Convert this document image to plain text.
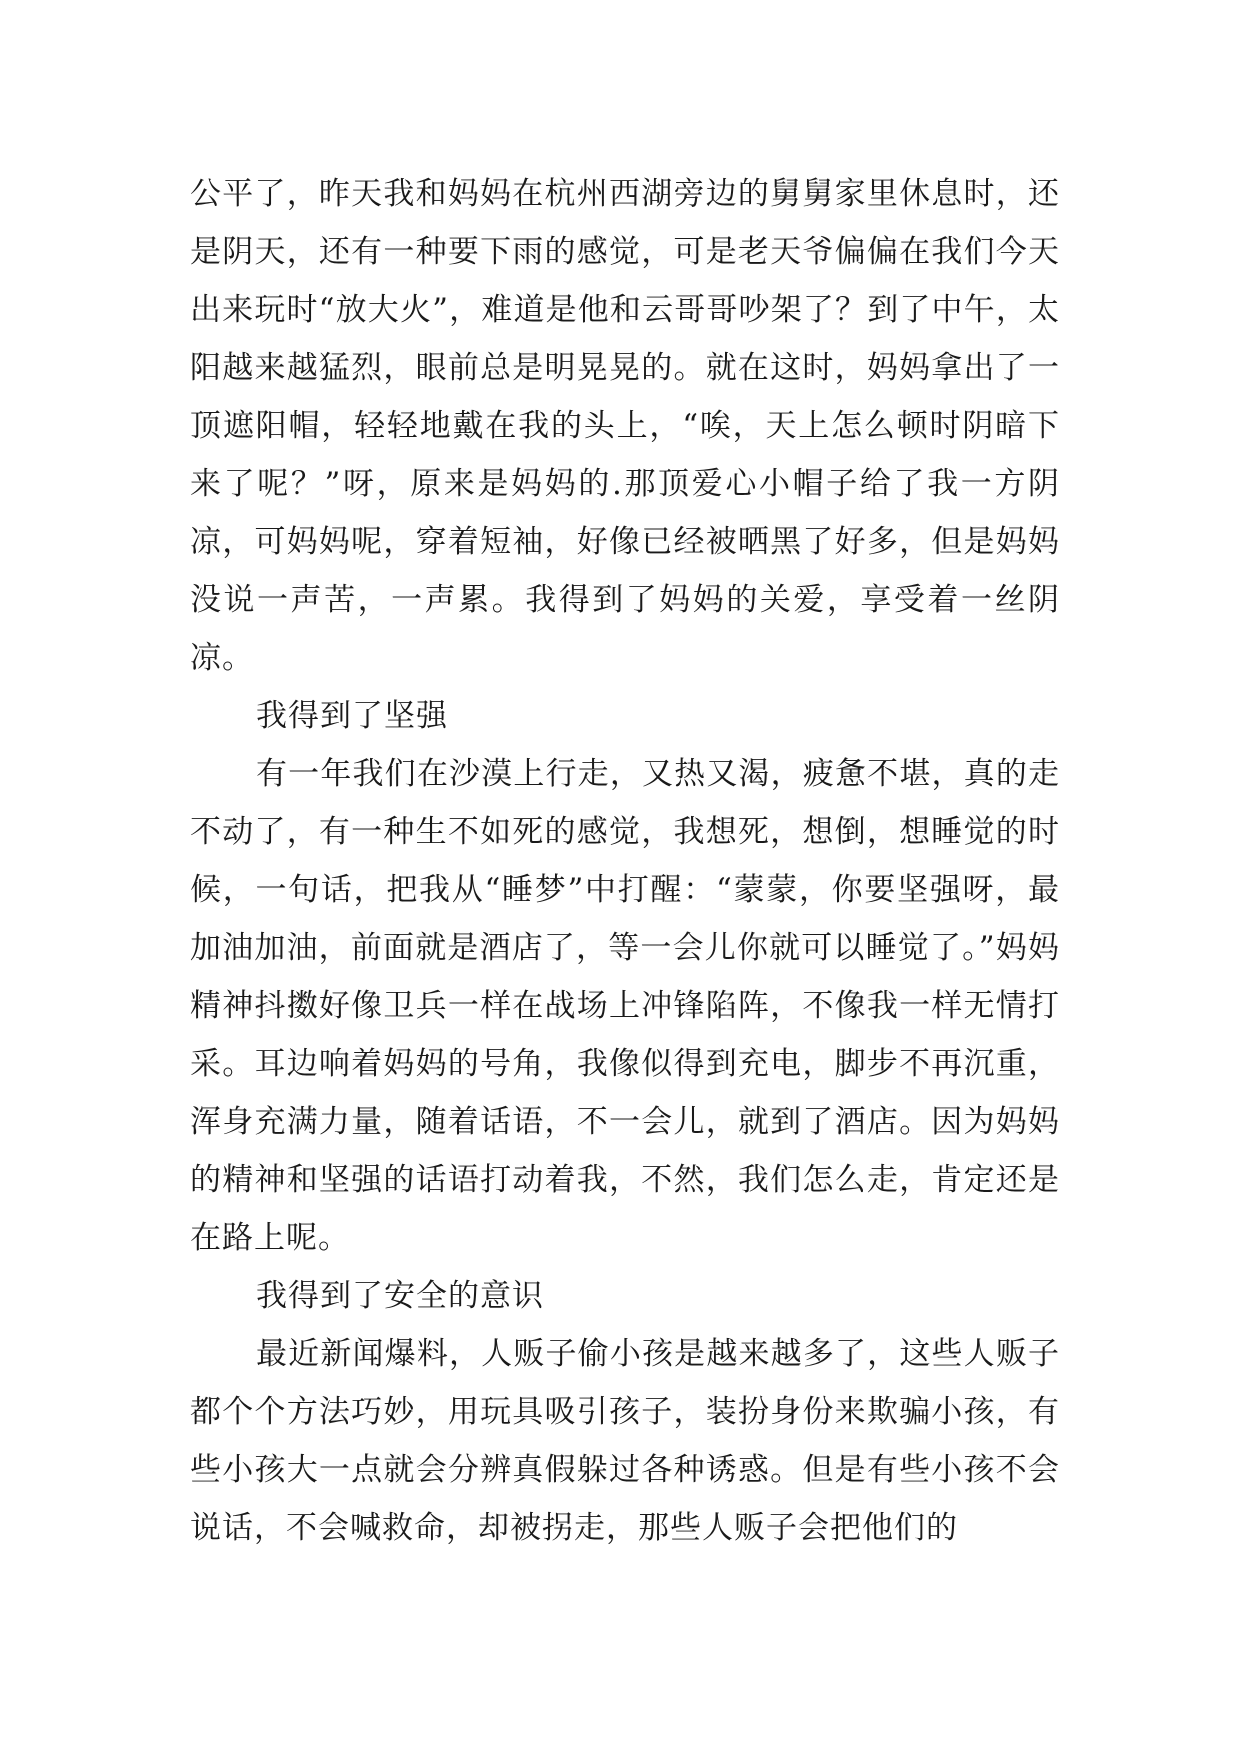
公平了，昨天我和妈妈在杭州西湖旁边的舅舅家里休息时，还是阴天，还有一种要下雨的感觉，可是老天爷偏偏在我们今天出来玩时“放大火”，难道是他和云哥哥吵架了？到了中午，太阳越来越猛烈，眼前总是明晃晃的。就在这时，妈妈拿出了一顶遮阳帽，轻轻地戴在我的头上，“唉，天上怎么顿时阴暗下来了呢？”呀，原来是妈妈的.那顶爱心小帽子给了我一方阴凉，可妈妈呢，穿着短袖，好像已经被晒黑了好多，但是妈妈没说一声苦，一声累。我得到了妈妈的关爱，享受着一丝阴凉。

我得到了坚强

有一年我们在沙漠上行走，又热又渴，疲惫不堪，真的走不动了，有一种生不如死的感觉，我想死，想倒，想睡觉的时候，一句话，把我从“睡梦”中打醒：“蒙蒙，你要坚强呀，最加油加油，前面就是酒店了，等一会儿你就可以睡觉了。”妈妈精神抖擞好像卫兵一样在战场上冲锋陷阵，不像我一样无情打采。耳边响着妈妈的号角，我像似得到充电，脚步不再沉重，浑身充满力量，随着话语，不一会儿，就到了酒店。因为妈妈的精神和坚强的话语打动着我，不然，我们怎么走，肯定还是在路上呢。

我得到了安全的意识

最近新闻爆料，人贩子偷小孩是越来越多了，这些人贩子都个个方法巧妙，用玩具吸引孩子，装扮身份来欺骗小孩，有些小孩大一点就会分辨真假躲过各种诱惑。但是有些小孩不会说话，不会喊救命，却被拐走，那些人贩子会把他们的
